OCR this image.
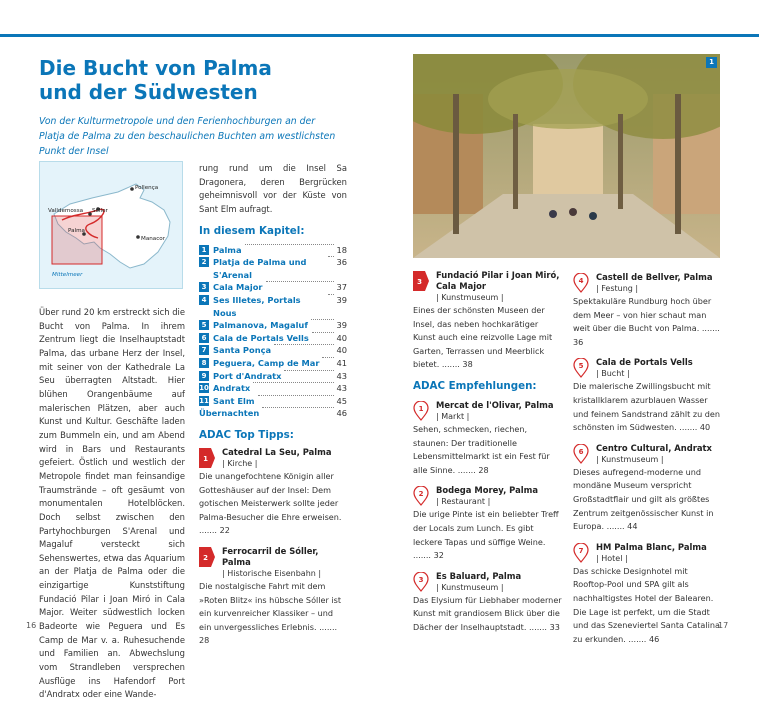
Die Bucht von Palma
und der Südwesten
Von der Kulturmetropole und den Ferienhochburgen an der Platja de Palma zu den beschaulichen Buchten am westlichsten Punkt der Insel
Valldemossa Sóller
Pollença
Palma
Manacor
Mittelmeer
Über rund 20 km erstreckt sich die Bucht von Palma. In ihrem Zentrum liegt die Inselhauptstadt Palma, das urbane Herz der Insel, mit seiner von der Kathedrale La Seu überragten Altstadt. Hier blühen Orangenbäume auf malerischen Plätzen, aber auch Kunst und Kultur. Geschäfte laden zum Bummeln ein, und am Abend wird in Bars und Restaurants gefeiert. Östlich und westlich der Metropole findet man feinsandige Traumstrände – oft gesäumt von monumentalen Hotelblöcken. Doch selbst zwischen den Partyhochburgen S'Arenal und Magaluf versteckt sich Sehenswertes, etwa das Aquarium an der Platja de Palma oder die einzigartige Kunststiftung Fundació Pilar i Joan Miró in Cala Major. Weiter südwestlich locken Badeorte wie Peguera und Es Camp de Mar v. a. Ruhesuchende und Familien an. Abwechslung vom Strandleben versprechen Ausflüge ins Hafendorf Port d'Andratx oder eine Wande-

rung rund um die Insel Sa Dragonera, deren Bergrücken geheimnisvoll vor der Küste von Sant Elm aufragt.

In diesem Kapitel:

1 Palma	18
2 Platja de Palma und S'Arenal
36
3 Cala Major	37
4 Ses Illetes, Portals Nous
39
5 Palmanova, Magaluf	39
6 Cala de Portals Vells	40
7 Santa Ponça	40
8 Peguera, Camp de Mar 41
9 Port d'Andratx	43
10 Andratx	43
11 Sant Elm	45
Übernachten	46

ADAC Top Tipps:

1
Catedral La Seu, Palma
| Kirche |
Die unangefochtene Königin aller Gotteshäuser auf der Insel: Dem gotischen Meisterwerk sollte jeder Palma-Besucher die Ehre erweisen. ....... 22
2
Ferrocarril de Sóller, Palma
| Historische Eisenbahn |
Die nostalgische Fahrt mit dem »Roten Blitz« ins hübsche Sóller ist ein kurvenreicher Klassiker – und ein unvergessliches Erlebnis. ....... 28
1
3
Fundació Pilar i Joan Miró, Cala Major
| Kunstmuseum |
Eines der schönsten Museen der Insel, das neben hochkarätiger Kunst auch eine reizvolle Lage mit Garten, Terrassen und Meerblick bietet. ....... 38

ADAC Empfehlungen:

1 Mercat de l'Olivar, Palma
| Markt |
Sehen, schmecken, riechen, staunen: Der traditionelle Lebensmittelmarkt ist ein Fest für alle Sinne. ....... 28
2 Bodega Morey, Palma
| Restaurant |
Die urige Pinte ist ein beliebter Treff der Locals zum Lunch. Es gibt leckere Tapas und süffige Weine. ....... 32
3 Es Baluard, Palma
| Kunstmuseum |
Das Elysium für Liebhaber moderner Kunst mit grandiosem Blick über die Dächer der Inselhauptstadt. ....... 33
4 Castell de Bellver, Palma
| Festung |
Spektakuläre Rundburg hoch über dem Meer – von hier schaut man weit über die Bucht von Palma. ....... 36
5 Cala de Portals Vells
| Bucht |
Die malerische Zwillingsbucht mit kristallklarem azurblauen Wasser und feinem Sandstrand zählt zu den schönsten im Südwesten. ....... 40
6 Centro Cultural, Andratx
| Kunstmuseum |
Dieses aufregend-moderne und mondäne Museum verspricht Großstadtflair und gilt als größtes Zentrum zeitgenössischer Kunst in Europa. ....... 44
7 HM Palma Blanc, Palma
| Hotel |
Das schicke Designhotel mit Rooftop-Pool und SPA gilt als nachhaltigstes Hotel der Balearen. Die Lage ist perfekt, um die Stadt und das Szeneviertel Santa Catalina zu erkunden. ....... 46
16	17
